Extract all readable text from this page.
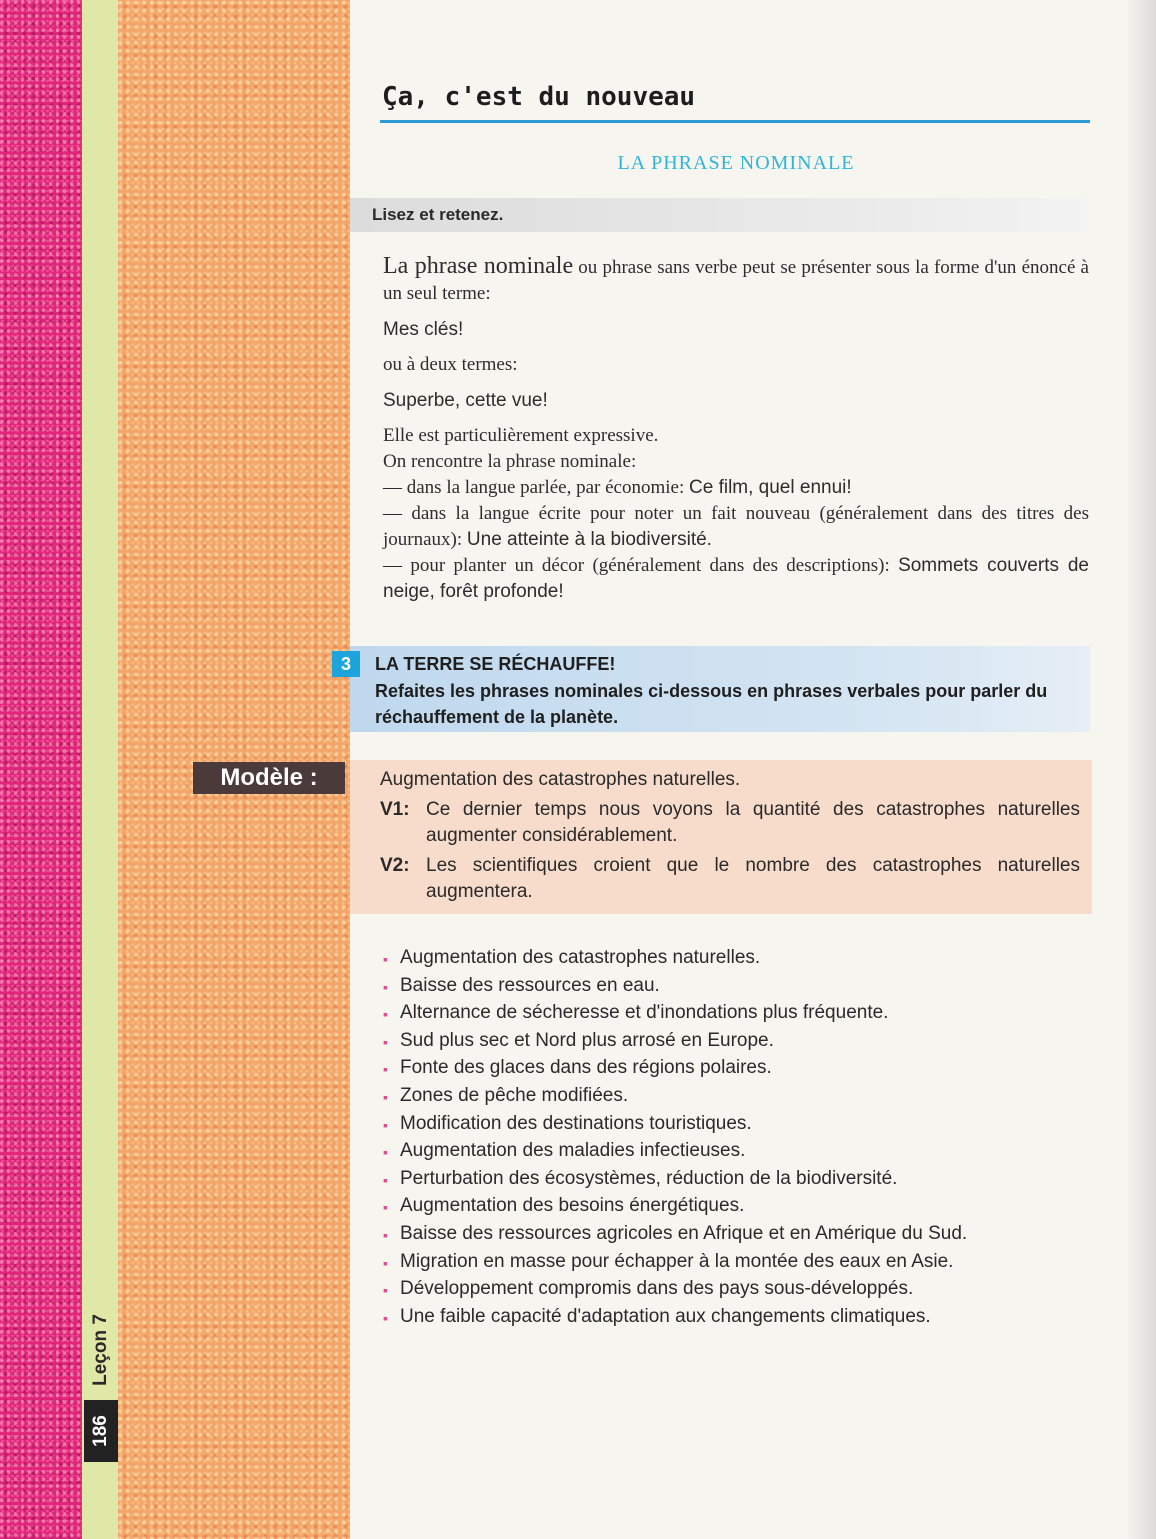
Leçon 7
186
Ça, c'est du nouveau
LA PHRASE NOMINALE
Lisez et retenez.

La phrase nominale ou phrase sans verbe peut se présenter sous la forme d'un énoncé à un seul terme:

Mes clés!

ou à deux termes:

Superbe, cette vue!

Elle est particulièrement expressive.

On rencontre la phrase nominale:

— dans la langue parlée, par économie: Ce film, quel ennui!

— dans la langue écrite pour noter un fait nouveau (généralement dans des titres des journaux): Une atteinte à la biodiversité.

— pour planter un décor (généralement dans des descriptions): Sommets couverts de neige, forêt profonde!

3	LA TERRE SE RÉCHAUFFE!
Refaites les phrases nominales ci-dessous en phrases verbales pour parler du réchauffement de la planète.
Modèle :	Augmentation des catastrophes naturelles.

V1: Ce dernier temps nous voyons la quantité des catastrophes naturelles augmenter considérablement.
V2: Les scientifiques croient que le nombre des catastrophes naturelles augmentera.
▪ Augmentation des catastrophes naturelles.
▪ Baisse des ressources en eau.
▪ Alternance de sécheresse et d'inondations plus fréquente.
▪ Sud plus sec et Nord plus arrosé en Europe.
▪ Fonte des glaces dans des régions polaires.
▪ Zones de pêche modifiées.
▪ Modification des destinations touristiques.
▪ Augmentation des maladies infectieuses.
▪ Perturbation des écosystèmes, réduction de la biodiversité.
▪ Augmentation des besoins énergétiques.
▪ Baisse des ressources agricoles en Afrique et en Amérique du Sud.
▪ Migration en masse pour échapper à la montée des eaux en Asie.
▪ Développement compromis dans des pays sous-développés.
▪ Une faible capacité d'adaptation aux changements climatiques.
